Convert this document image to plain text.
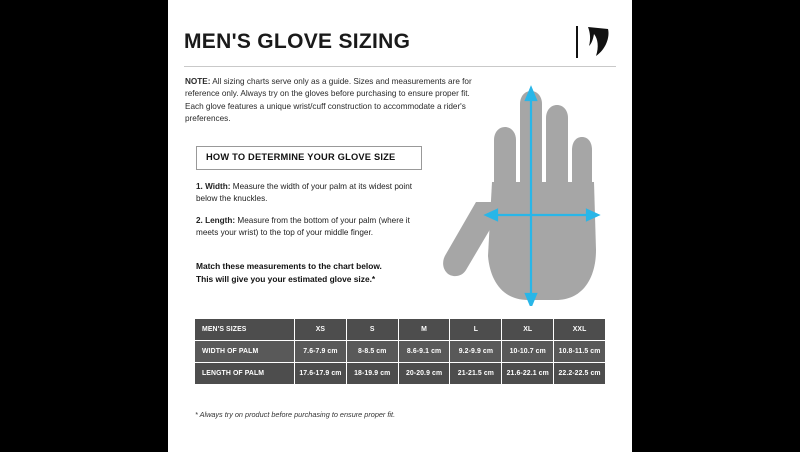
MEN'S GLOVE SIZING
NOTE: All sizing charts serve only as a guide. Sizes and measurements are for reference only. Always try on the gloves before purchasing to ensure proper fit. Each glove features a unique wrist/cuff construction to accommodate a rider's preferences.
HOW TO DETERMINE YOUR GLOVE SIZE
1. Width: Measure the width of your palm at its widest point below the knuckles.
2. Length: Measure from the bottom of your palm (where it meets your wrist) to the top of your middle finger.
Match these measurements to the chart below.
This will give you your estimated glove size.*
MEN'S SIZES	XS	S	M	L	XL	XXL
WIDTH OF PALM	7.6-7.9 cm	8-8.5 cm	8.6-9.1 cm	9.2-9.9 cm	10-10.7 cm	10.8-11.5 cm
LENGTH OF PALM	17.6-17.9 cm	18-19.9 cm	20-20.9 cm	21-21.5 cm	21.6-22.1 cm	22.2-22.5 cm
* Always try on product before purchasing to ensure proper fit.
